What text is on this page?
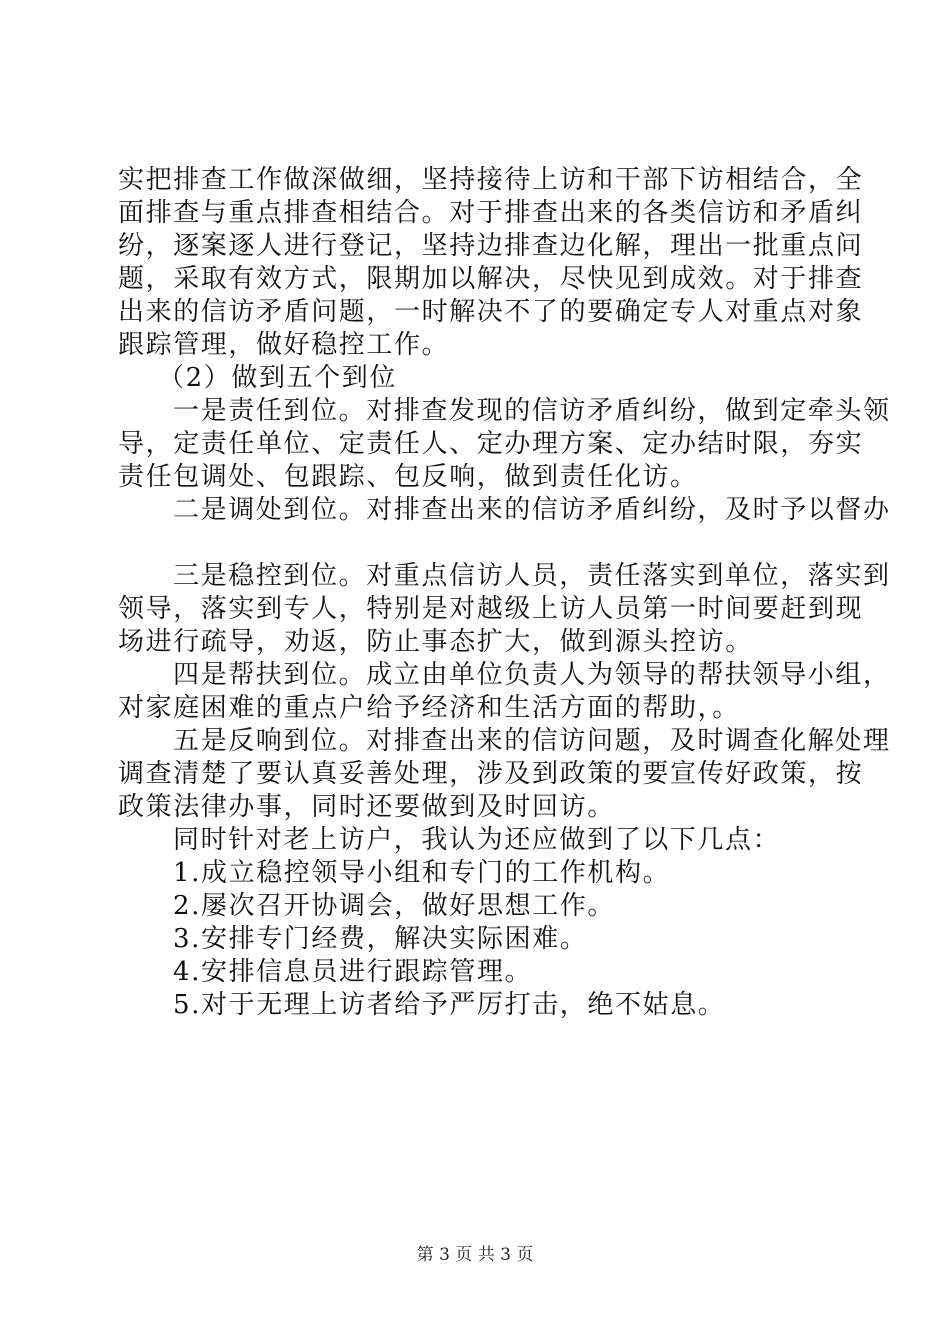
实把排查工作做深做细，坚持接待上访和干部下访相结合，全
面排查与重点排查相结合。对于排查出来的各类信访和矛盾纠
纷，逐案逐人进行登记，坚持边排查边化解，理出一批重点问
题，采取有效方式，限期加以解决，尽快见到成效。对于排查
出来的信访矛盾问题，一时解决不了的要确定专人对重点对象
跟踪管理，做好稳控工作。
（2）做到五个到位
一是责任到位。对排查发现的信访矛盾纠纷，做到定牵头领
导，定责任单位、定责任人、定办理方案、定办结时限，夯实
责任包调处、包跟踪、包反响，做到责任化访。
二是调处到位。对排查出来的信访矛盾纠纷，及时予以督办
三是稳控到位。对重点信访人员，责任落实到单位，落实到
领导，落实到专人，特别是对越级上访人员第一时间要赶到现
场进行疏导，劝返，防止事态扩大，做到源头控访。
四是帮扶到位。成立由单位负责人为领导的帮扶领导小组，
对家庭困难的重点户给予经济和生活方面的帮助，。
五是反响到位。对排查出来的信访问题，及时调查化解处理
调查清楚了要认真妥善处理，涉及到政策的要宣传好政策，按
政策法律办事，同时还要做到及时回访。
同时针对老上访户，我认为还应做到了以下几点：
1.成立稳控领导小组和专门的工作机构。
2.屡次召开协调会，做好思想工作。
3.安排专门经费，解决实际困难。
4.安排信息员进行跟踪管理。
5.对于无理上访者给予严厉打击，绝不姑息。
第 3 页 共 3 页
